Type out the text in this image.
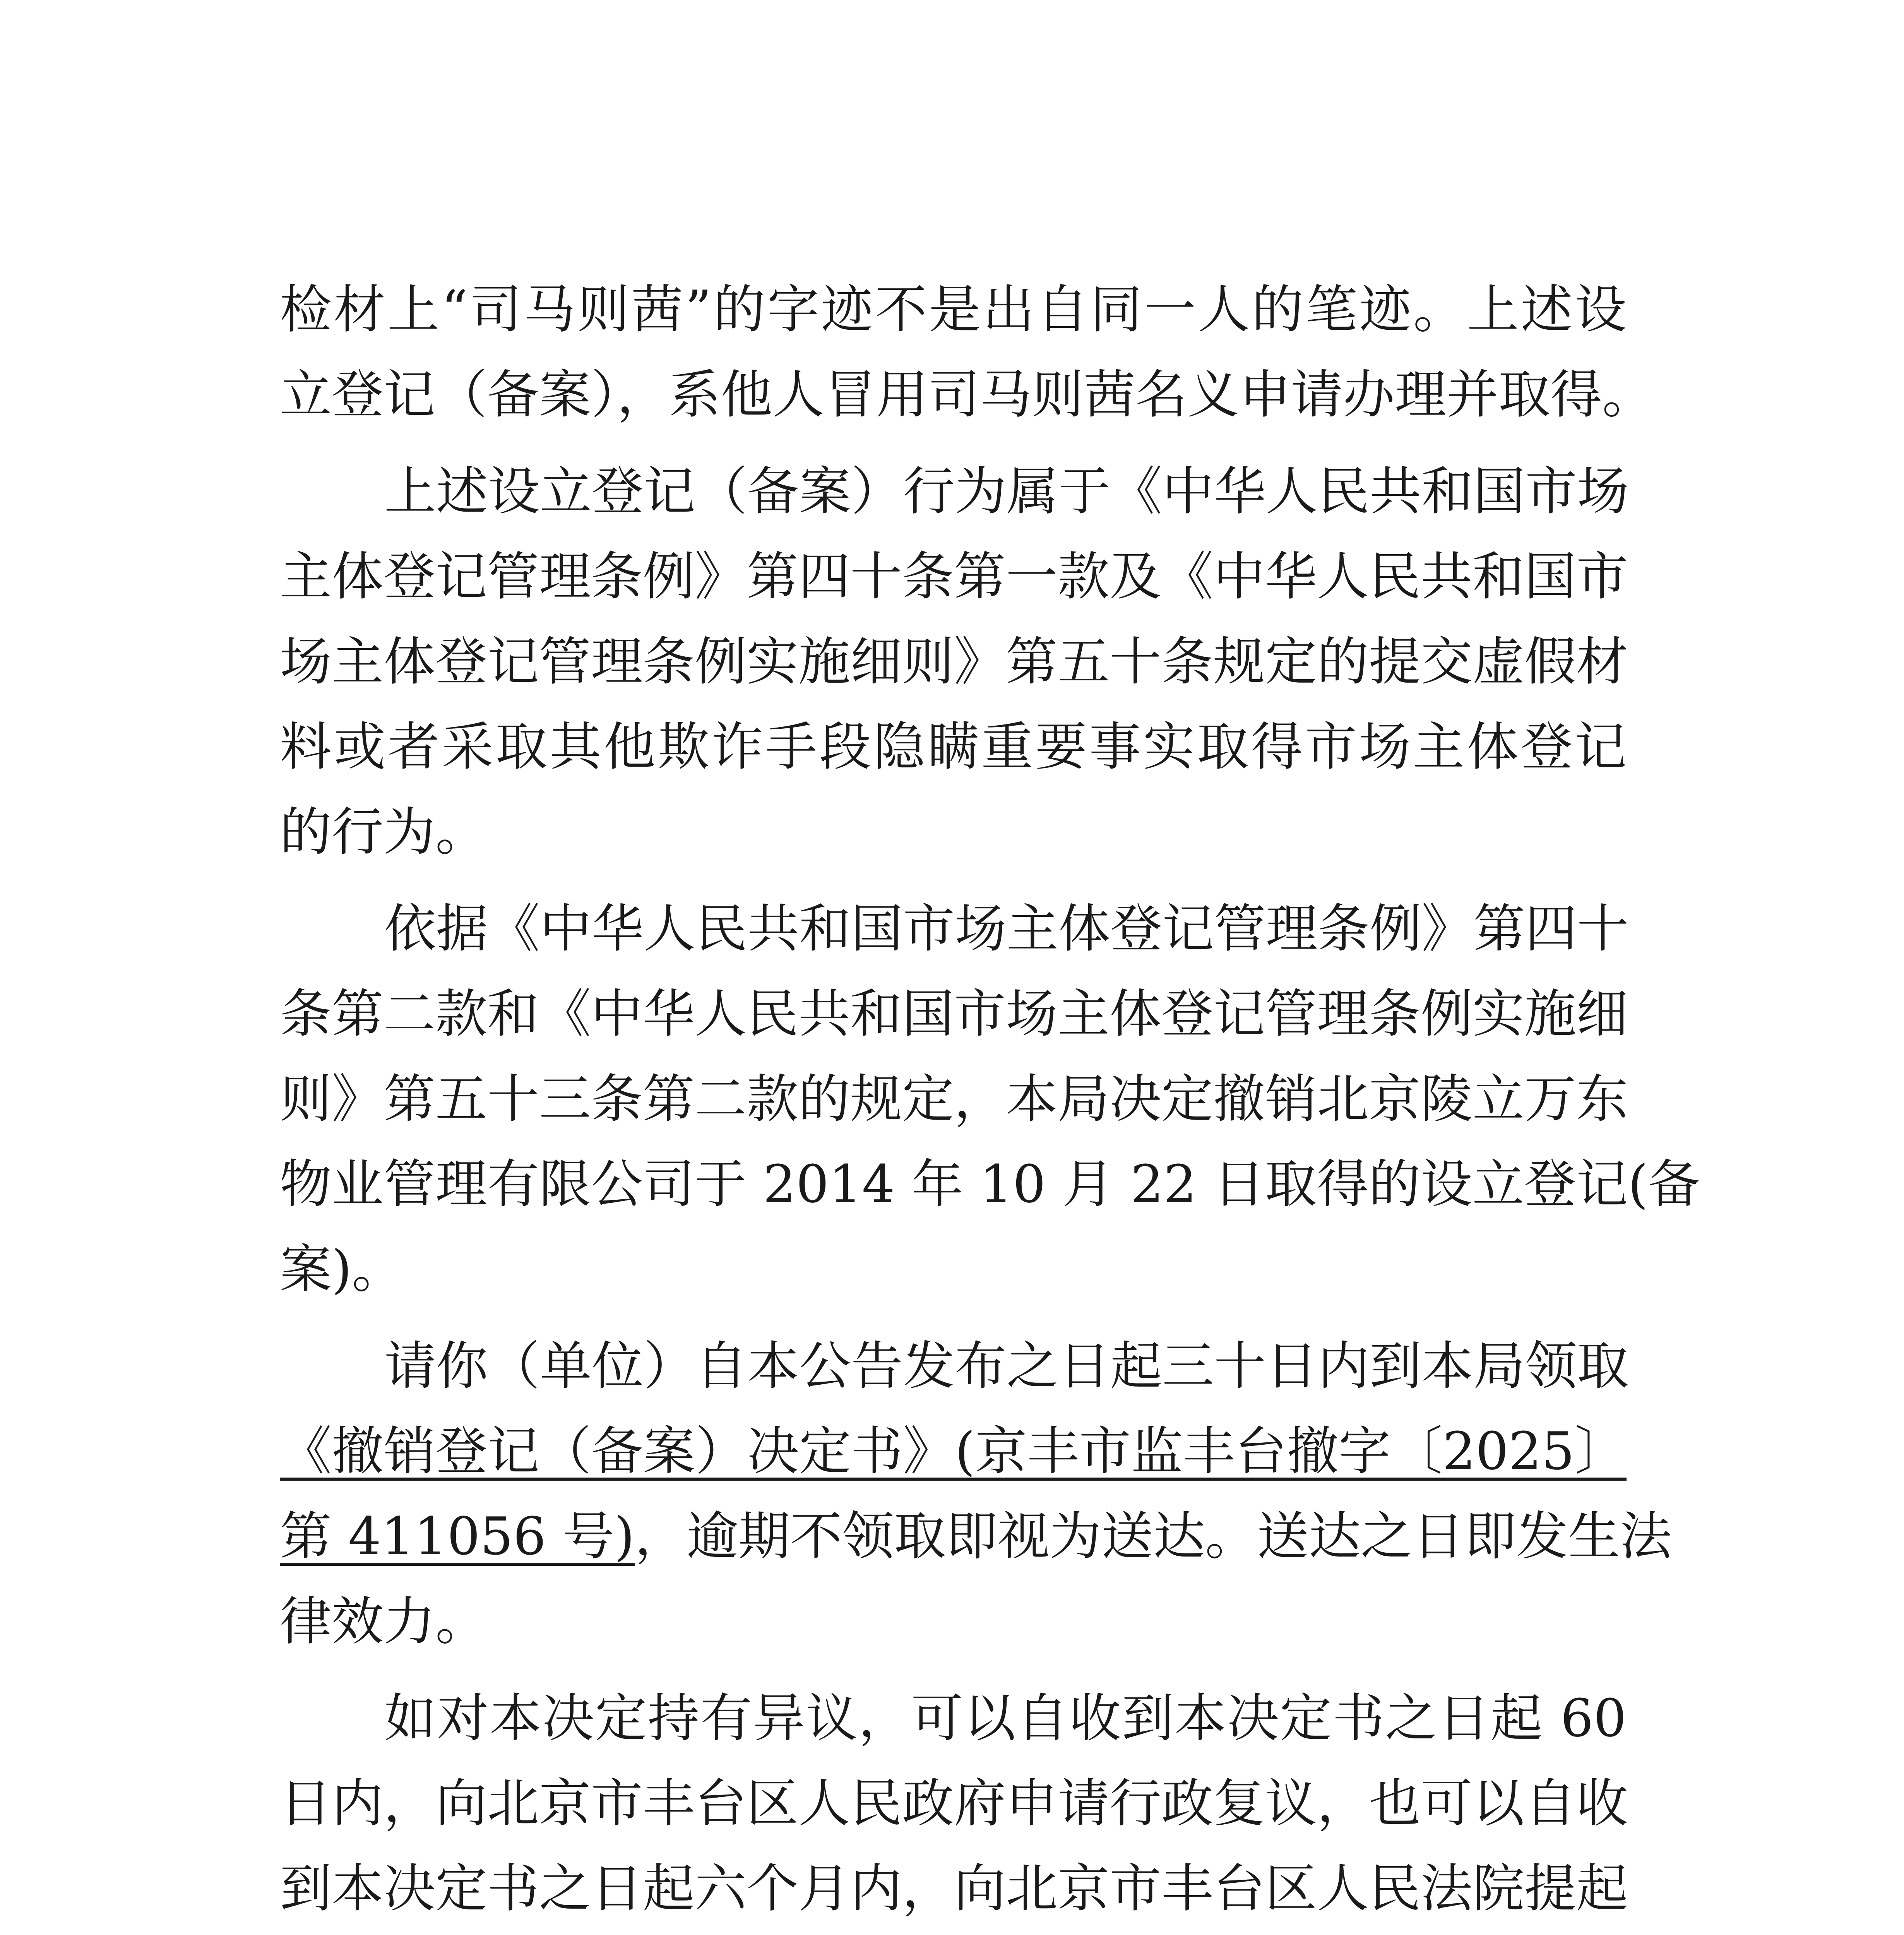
检材上“司马则茜”的字迹不是出自同一人的笔迹。上述设
立登记（备案），系他人冒用司马则茜名义申请办理并取得。
上述设立登记（备案）行为属于《中华人民共和国市场
主体登记管理条例》第四十条第一款及《中华人民共和国市
场主体登记管理条例实施细则》第五十条规定的提交虚假材
料或者采取其他欺诈手段隐瞒重要事实取得市场主体登记
的行为。
依据《中华人民共和国市场主体登记管理条例》第四十
条第二款和《中华人民共和国市场主体登记管理条例实施细
则》第五十三条第二款的规定，本局决定撤销北京陵立万东
物业管理有限公司于 2014 年 10 月 22 日取得的设立登记(备
案)。
请你（单位）自本公告发布之日起三十日内到本局领取
《撤销登记（备案）决定书》(京丰市监丰台撤字〔2025〕
第 411056 号)，逾期不领取即视为送达。送达之日即发生法
律效力。
如对本决定持有异议，可以自收到本决定书之日起 60
日内，向北京市丰台区人民政府申请行政复议，也可以自收
到本决定书之日起六个月内，向北京市丰台区人民法院提起
